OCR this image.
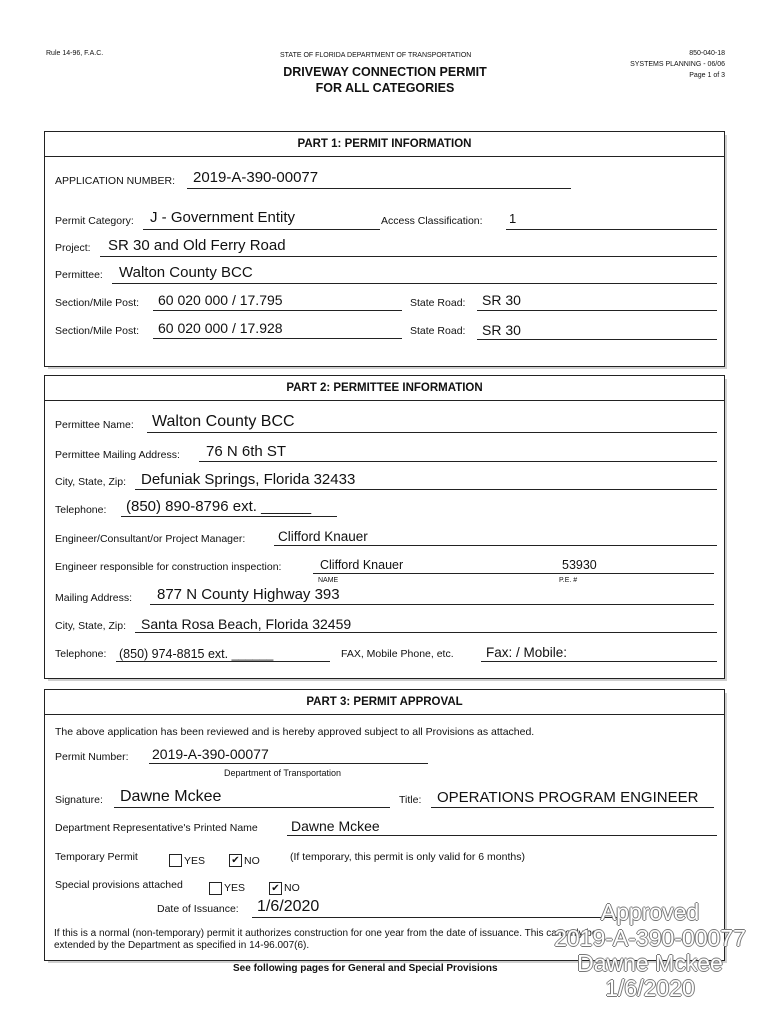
Rule 14-96, F.A.C.	STATE OF FLORIDA DEPARTMENT OF TRANSPORTATION
DRIVEWAY CONNECTION PERMIT
FOR ALL CATEGORIES
850-040-18
SYSTEMS PLANNING - 06/06
Page 1 of 3
PART 1: PERMIT INFORMATION
APPLICATION NUMBER: 2019-A-390-00077
Permit Category: J - Government Entity	Access Classification: 1
Project: SR 30 and Old Ferry Road
Permittee: Walton County BCC
Section/Mile Post: 60 020 000 / 17.795	State Road: SR 30
Section/Mile Post: 60 020 000 / 17.928	State Road: SR 30
PART 2: PERMITTEE INFORMATION
Permittee Name: Walton County BCC
Permittee Mailing Address: 76 N 6th ST
City, State, Zip: Defuniak Springs, Florida 32433
Telephone: (850) 890-8796 ext. ______
Engineer/Consultant/or Project Manager: Clifford Knauer
Engineer responsible for construction inspection:	Clifford Knauer	53930
NAME	P.E. #
Mailing Address: 877 N County Highway 393
City, State, Zip: Santa Rosa Beach, Florida 32459
Telephone: (850) 974-8815 ext. ______	FAX, Mobile Phone, etc. Fax: / Mobile:
PART 3: PERMIT APPROVAL
The above application has been reviewed and is hereby approved subject to all Provisions as attached.
Permit Number: 2019-A-390-00077
Department of Transportation
Signature: Dawne Mckee	Title: OPERATIONS PROGRAM ENGINEER
Department Representative's Printed Name Dawne Mckee
Temporary Permit	YES	✔ NO	(If temporary, this permit is only valid for 6 months)
Special provisions attached	YES	✔ NO
Date of Issuance: 1/6/2020
If this is a normal (non-temporary) permit it authorizes construction for one year from the date of issuance. This can only be
extended by the Department as specified in 14-96.007(6).
See following pages for General and Special Provisions
Approved
2019-A-390-00077
Dawne Mckee
1/6/2020
